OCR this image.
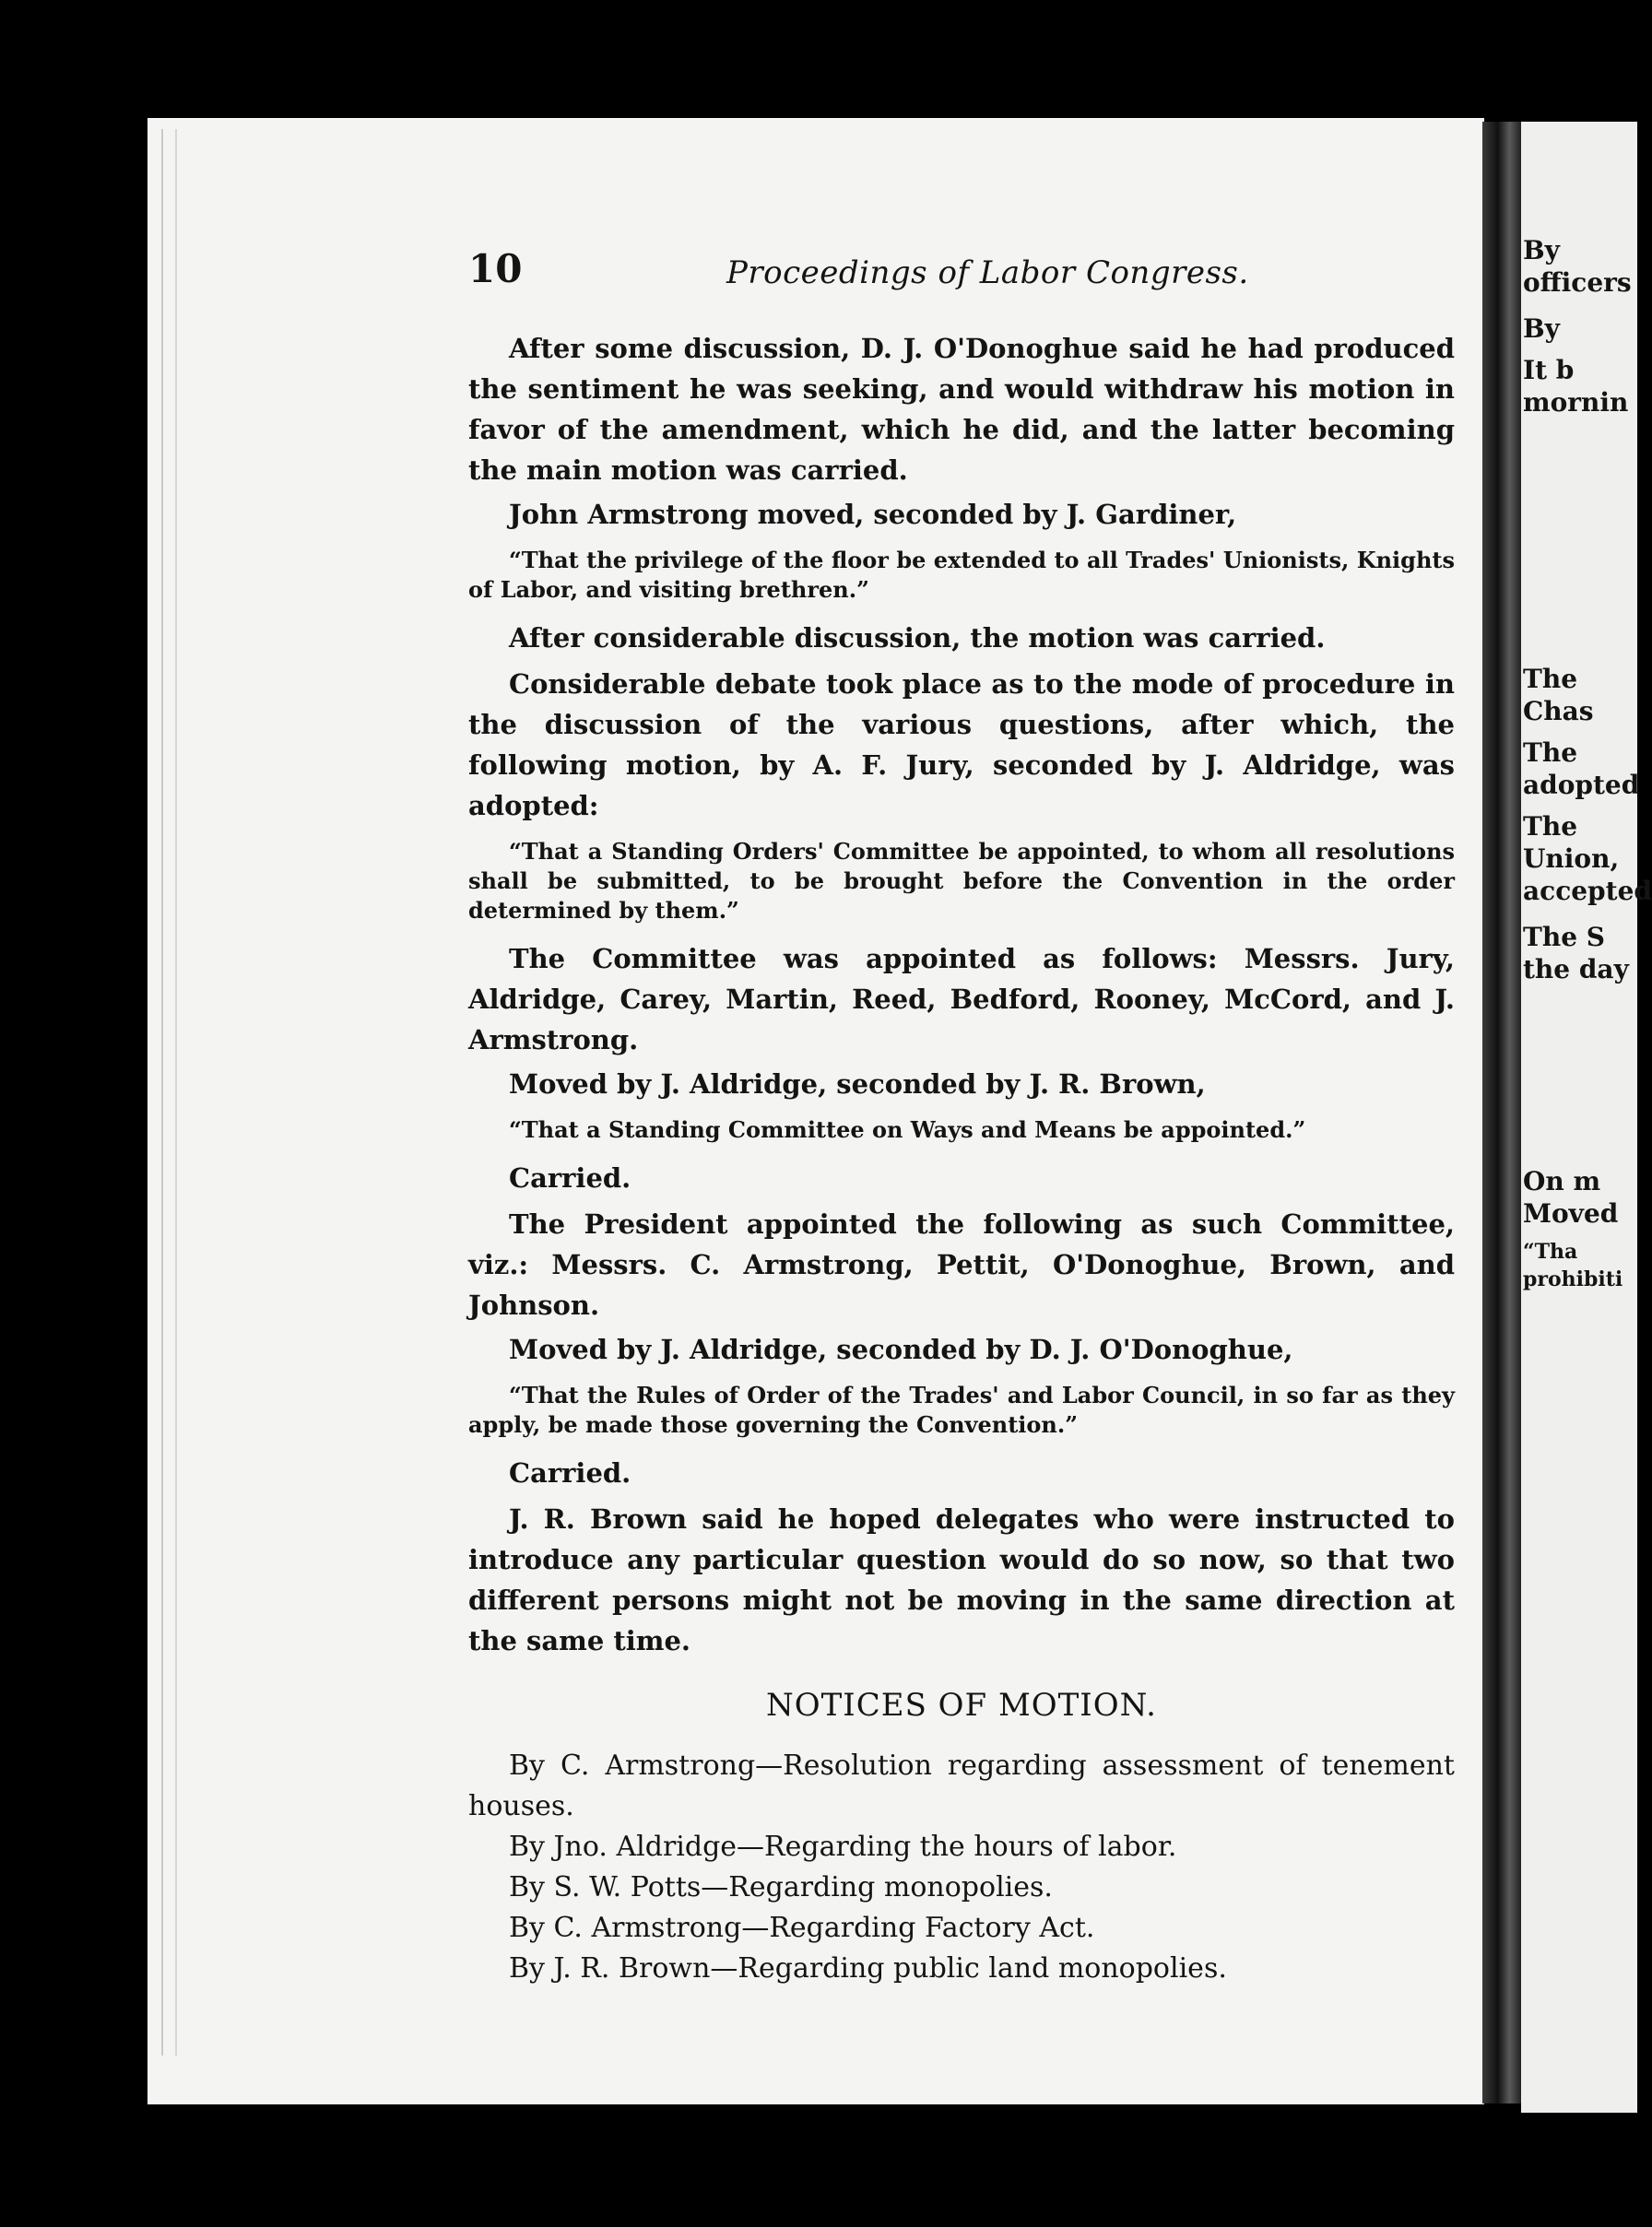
10	Proceedings of Labor Congress.

After some discussion, D. J. O'Donoghue said he had produced the sentiment he was seeking, and would withdraw his motion in favor of the amendment, which he did, and the latter becoming the main motion was carried.

John Armstrong moved, seconded by J. Gardiner,

“That the privilege of the floor be extended to all Trades' Unionists, Knights of Labor, and visiting brethren.”

After considerable discussion, the motion was carried.

Considerable debate took place as to the mode of procedure in the discussion of the various questions, after which, the following motion, by A. F. Jury, seconded by J. Aldridge, was adopted:

“That a Standing Orders' Committee be appointed, to whom all resolutions shall be submitted, to be brought before the Convention in the order determined by them.”

The Committee was appointed as follows: Messrs. Jury, Aldridge, Carey, Martin, Reed, Bedford, Rooney, McCord, and J. Armstrong.

Moved by J. Aldridge, seconded by J. R. Brown,

“That a Standing Committee on Ways and Means be appointed.”

Carried.

The President appointed the following as such Committee, viz.: Messrs. C. Armstrong, Pettit, O'Donoghue, Brown, and Johnson.

Moved by J. Aldridge, seconded by D. J. O'Donoghue,

“That the Rules of Order of the Trades' and Labor Council, in so far as they apply, be made those governing the Convention.”

Carried.

J. R. Brown said he hoped delegates who were instructed to introduce any particular question would do so now, so that two different persons might not be moving in the same direction at the same time.

NOTICES OF MOTION.

By C. Armstrong—Resolution regarding assessment of tenement houses.

By Jno. Aldridge—Regarding the hours of labor.

By S. W. Potts—Regarding monopolies.

By C. Armstrong—Regarding Factory Act.

By J. R. Brown—Regarding public land monopolies.

By
officers
By
It b
mornin
The
Chas
The
adopted
The
Union,
accepted
The S
the day
On m
Moved
“Tha
prohibiti
